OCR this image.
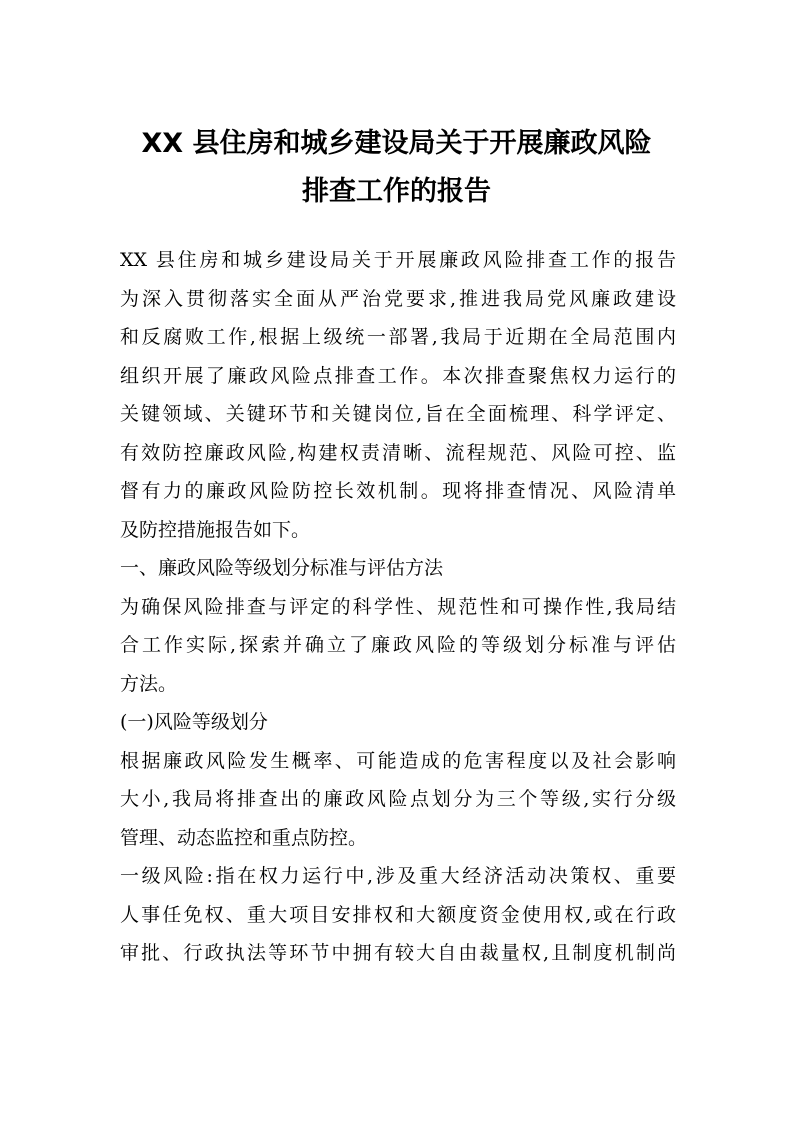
XX 县住房和城乡建设局关于开展廉政风险
排查工作的报告
XX 县住房和城乡建设局关于开展廉政风险排查工作的报告
为深入贯彻落实全面从严治党要求,推进我局党风廉政建设
和反腐败工作,根据上级统一部署,我局于近期在全局范围内
组织开展了廉政风险点排查工作。本次排查聚焦权力运行的
关键领域、关键环节和关键岗位,旨在全面梳理、科学评定、
有效防控廉政风险,构建权责清晰、流程规范、风险可控、监
督有力的廉政风险防控长效机制。现将排查情况、风险清单
及防控措施报告如下。
一、廉政风险等级划分标准与评估方法
为确保风险排查与评定的科学性、规范性和可操作性,我局结
合工作实际,探索并确立了廉政风险的等级划分标准与评估
方法。
(一)风险等级划分
根据廉政风险发生概率、可能造成的危害程度以及社会影响
大小,我局将排查出的廉政风险点划分为三个等级,实行分级
管理、动态监控和重点防控。
一级风险:指在权力运行中,涉及重大经济活动决策权、重要
人事任免权、重大项目安排权和大额度资金使用权,或在行政
审批、行政执法等环节中拥有较大自由裁量权,且制度机制尚
